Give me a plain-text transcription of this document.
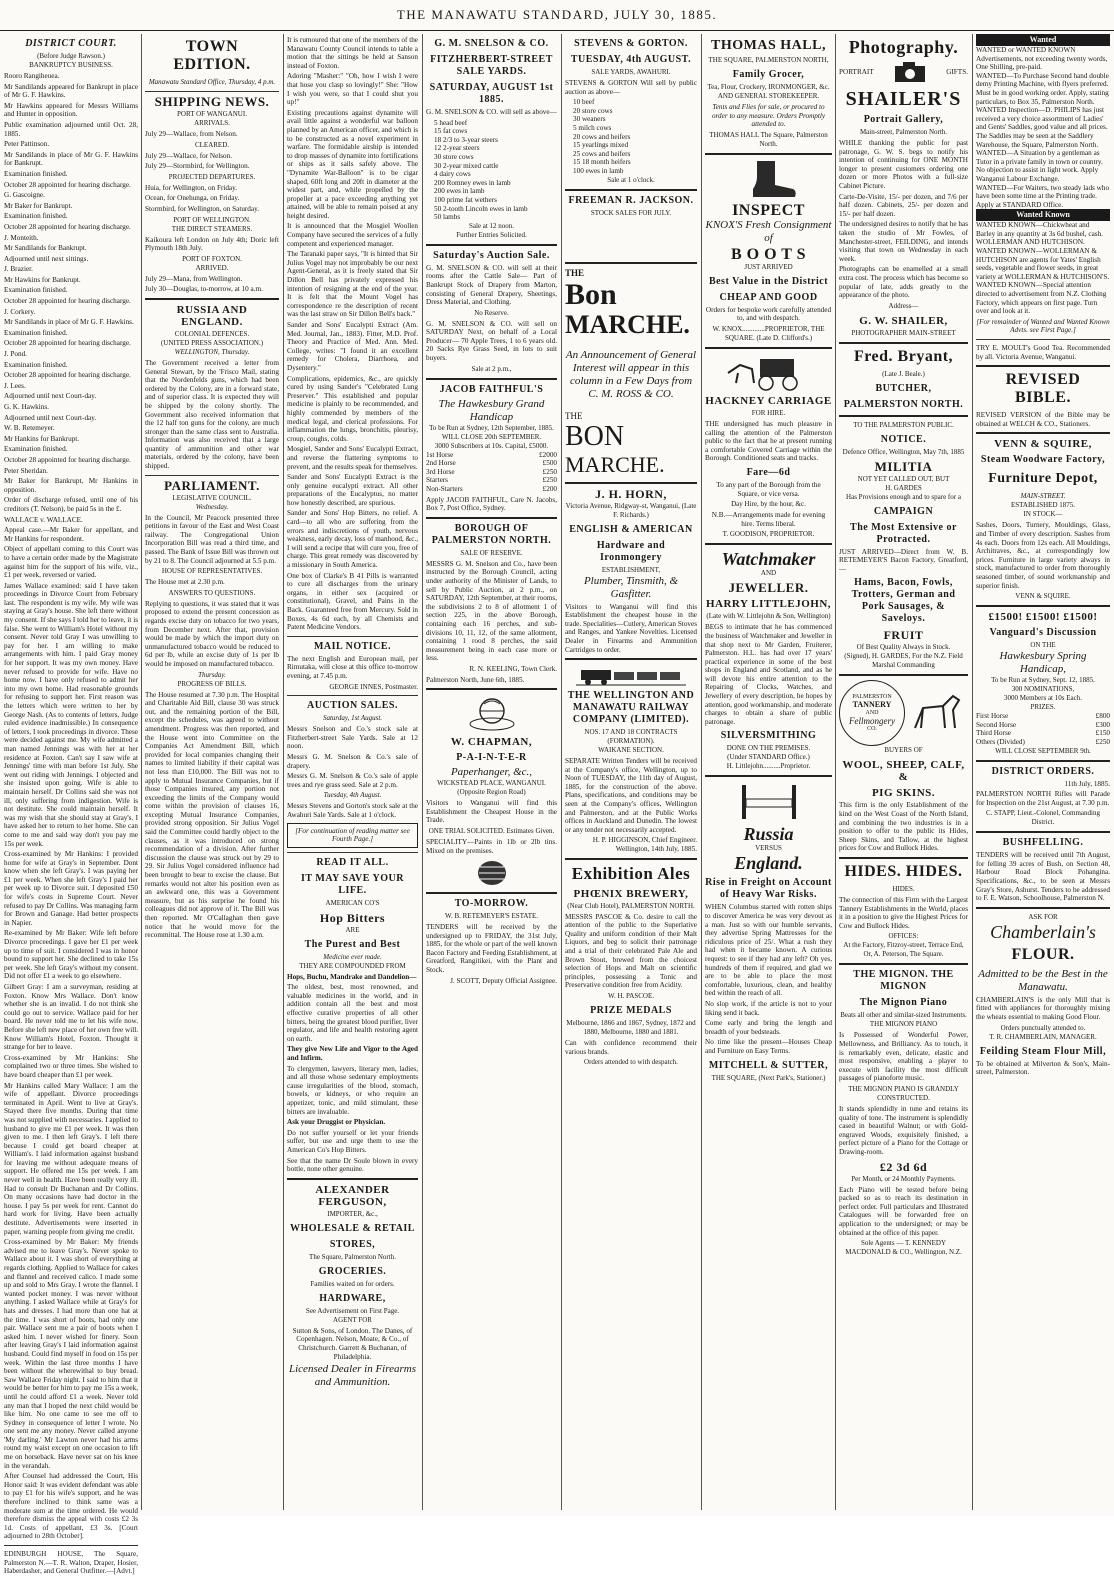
THE MANAWATU STANDARD, JULY 30, 1885.
DISTRICT COURT.
(Before Judge Rawson.)
BANKRUPTCY BUSINESS.
Rooro Rangiheuea.
Mr Sandilands appeared for Bankrupt in place of Mr G. F. Hawkins.
Mr Hawkins appeared for Messrs Williams and Hunter in opposition.
Public examination adjourned until Oct. 28, 1885.
Peter Pattinson.
Mr Sandilands in place of Mr G. F. Hawkins for Bankrupt.
Examination finished.
October 28 appointed for hearing discharge.
G. Gascoigne.
Mr Baker for Bankrupt.
Examination finished.
October 28 appointed for hearing discharge.
J. Monteith.
Mr Sandilands for Bankrupt.
Adjourned until next sittings.
J. Brazier.
Mr Hawkins for Bankrupt.
Examination finished.
October 28 appointed for hearing discharge.
J. Corkery.
Mr Sandilands in place of Mr G. F. Hawkins.
Examination finished.
October 28 appointed for hearing discharge.
J. Pond.
Examination finished.
October 28 appointed for hearing discharge.
J. Lees.
Adjourned until next Court-day.
G. K. Hawkins.
Adjourned until next Court-day.
W. B. Retemeyer.
Mr Hankins for Bankrupt.
Examination finished.
October 28 appointed for hearing discharge.
Peter Sheridan.
Mr Baker for Bankrupt, Mr Hankins in opposition.
Order of discharge refused, until one of his creditors (T. Nelson), be paid 5s in the £.
WALLACE v. WALLACE.
Appeal case.—Mr Baker for appellant, and Mr Hankins for respondent.
Object of appellant coming to this Court was to have a certain order made by the Magistrate against him for the support of his wife, viz., £1 per week, reversed or varied.
James Wallace examined: said I have taken proceedings in Divorce Court from February last. The respondent is my wife. My wife was staying at Gray's house. She left there without my consent. If she says I told her to leave, it is false. She went to William's Hotel without my consent. Never told Gray I was unwilling to pay for her. I am willing to make arrangements with him. I paid Gray money for her support. It was my own money. Have never refused to provide for wife. Have no home now. I have only refused to admit her into my own home. Had reasonable grounds for refusing to support her. First reason was the letters which were written to her by George Nash. (As to contents of letters, Judge ruled evidence inadmissible.) In consequence of letters, I took proceedings in divorce. These were decided against me. My wife admitted a man named Jennings was with her at her residence at Foxton. Can't say I saw wife at Jennings' time with man before 1st July. She went out riding with Jennings. I objected and she insisted upon going. Wife is able to maintain herself. Dr Collins said she was not ill, only suffering from indigestion. Wife is not destitute. She could maintain herself. It was my wish that she should stay at Gray's. I have asked her to return to her home. She can come to me and said way don't you pay me 15s per week.
Cross-examined by Mr Hankins: I provided home for wife at Gray's in September. Dont know when she left Gray's. I was paying her £1 per week. When she left Gray's I paid her per week up to Divorce suit. I deposited £50 for wife's costs in Supreme Court. Never refused to pay Dr Collins. Was managing farm for Brown and Ganage. Had better prospects in Napier.
Re-examined by Mr Baker: Wife left before Divorce proceedings. I gave her £1 per week up to time of suit. I considered I was in honor bound to support her. She declined to take 15s per week. She left Gray's without my consent. Did not offer £1 a week to go elsewhere.
Gilbert Gray: I am a surveyman, residing at Foxton. Know Mrs Wallace. Don't know whether she is an invalid. I do not think she could go out to service. Wallace paid for her board. He never told me to let his wife now. Before she left new place of her own free will. Know William's Hotel, Foxton. Thought it strange for her to leave.
Cross-examined by Mr Hankins: She complained two or three times. She wished to have board cheaper than £1 per week.
Mr Hankins called Mary Wallace: I am the wife of appellant. Divorce proceedings terminated in April. Went to live at Gray's. Stayed there five months. During that time was not supplied with necessaries. I applied to husband to give me £1 per week. It was then given to me. I then left Gray's. I left there because I could get board cheaper at William's. I laid information against husband for leaving me without adequate means of support. He offered me 15s per week. I am never well in health. Have been really very ill. Had to consult Dr Buchanan and Dr Collins. On many occasions have had doctor in the house. I pay 5s per week for rent. Cannot do hard work for living. Have been actually destitute. Advertisements were inserted in paper, warning people from giving me credit.
Cross-examined by Mr Baker: My friends advised me to leave Gray's. Never spoke to Wallace about it. I was short of everything at regards clothing. Applied to Wallace for cakes and flannel and received calico. I made some up and sold to Mrs Gray. I wrote the flannel. I wanted pocket money. I was never without anything. I asked Wallace while at Gray's for hats and dresses. I had more than one hat at the time. I was short of boots, had only one pair. Wallace sent me a pair of boots when I asked him. I never wished for finery. Soon after leaving Gray's I laid information against husband. Could find myself in food on 15s per week. Within the last three months I have been without the wherewithal to buy bread. Saw Wallace Friday night. I said to him that it would be better for him to pay me 15s a week, until he could afford £1 a week. Never told any man that I hoped the next child would be like him. No one came to see me off to Sydney in consequence of letter I wrote. No one sent me any money. Never called anyone 'My darling.' Mr Lawton never had his arms round my waist except on one occasion to lift me on horseback. Have never sat on his knee in the verandah.
After Counsel had addressed the Court, His Honor said: It was evident defendant was able to pay £1 for his wife's support, and he was therefore inclined to think same was a moderate sum at the time ordered. He would therefore dismiss the appeal with costs £2 3s 1d. Costs of appellant, £3 3s. [Court adjourned to 28th October].
EDINBURGH HOUSE, The Square, Palmerston N.—T. R. Walton, Draper, Hosier, Haberdasher, and General Outfitter.—[Advt.]
TOWN EDITION.
Manawatu Standard Office, Thursday, 4 p.m.
SHIPPING NEWS.
PORT OF WANGANUI.
ARRIVALS.
July 29—Wallace, from Nelson.
CLEARED.
July 29—Wallace, for Nelson.
July 29—Stormbird, for Wellington.
PROJECTED DEPARTURES.
Huia, for Wellington, on Friday.
Ocean, for Onehunga, on Friday.
Stormbird, for Wellington, on Saturday.
PORT OF WELLINGTON.
THE DIRECT STEAMERS.
Kaikoura left London on July 4th; Doric left Plymouth 18th July.
PORT OF FOXTON.
ARRIVED.
July 29—Mana, from Wellington.
July 30—Douglas, to-morrow, at 10 a.m.
RUSSIA AND ENGLAND.
COLONIAL DEFENCES.
(UNITED PRESS ASSOCIATION.)
WELLINGTON, Thursday.
The Government received a letter from General Stewart, by the 'Frisco Mail, stating that the Nordenfelds guns, which had been ordered by the Colony, are in a forward state, and of superior class. It is expected they will be shipped by the colony shortly. The Government also received information that the 12 half ton guns for the colony, are much stronger than the same class sent to Australia. Information was also received that a large quantity of ammunition and other war materials, ordered by the colony, have been shipped.
PARLIAMENT.
LEGISLATIVE COUNCIL.
Wednesday.
In the Council, Mr Peacock presented three petitions in favour of the East and West Coast railway. The Congregational Union Incorporation Bill was read a third time, and passed. The Bank of Issue Bill was thrown out by 21 to 8. The Council adjourned at 5.5 p.m.
HOUSE OF REPRESENTATIVES.
The House met at 2.30 p.m.
ANSWERS TO QUESTIONS.
Replying to questions, it was stated that it was proposed to extend the present concession as regards excise duty on tobacco for two years, from December next. After that, provision would be made by which the import duty on unmanufactured tobacco would be reduced to 6d per lb, while an excise duty of 1s per lb would be imposed on manufactured tobacco.
Thursday.
PROGRESS OF BILLS.
The House resumed at 7.30 p.m. The Hospital and Charitable Aid Bill, clause 30 was struck out, and the remaining portion of the Bill, except the schedules, was agreed to without amendment. Progress was then reported, and the House went into Committee on the Companies Act Amendment Bill, which provided for local companies changing their names to limited liability if their capital was not less than £10,000. The Bill was not to apply to Mutual Insurance Companies, but if those Companies insured, any portion not exceeding the limits of the Company would come within the provision of clauses 16, excepting Mutual Insurance Companies, provided strong opposition. Sir Julius Vogel said the Committee could hardly object to the clauses, as it was introduced on strong recommendation of a division. After further discussion the clause was struck out by 29 to 29. Sir Julius Vogel considered influence had been brought to bear to excise the clause. But remarks would not alter his position even as an awkward one, this was a Government measure, but as his surprise he found his colleagues did not approve of it. The Bill was then reported. Mr O'Callaghan then gave notice that he would move for the recommittal. The House rose at 1.30 a.m.
It is rumoured that one of the members of the Manawatu County Council intends to table a motion that the sittings be held at Sanson instead of Foxton.
Adoring "Masher:" "Oh, how I wish I were that hose you clasp so lovingly!" She: "How I wish you were, so that I could shut you up!"
Existing precautions against dynamite will avail little against a wonderful war balloon planned by an American officer, and which is to be constructed as a novel experiment in warfare. The formidable airship is intended to drop masses of dynamite into fortifications or ships as it sails safely above. The "Dynamite War-Balloon" is to be cigar shaped, 60ft long and 20ft in diameter at the widest part, and, while propelled by the propeller at a pace exceeding anything yet attained, will be able to remain poised at any height desired.
It is announced that the Mosgiel Woollen Company have secured the services of a fully competent and experienced manager.
The Taranaki paper says, "It is hinted that Sir Julius Vogel may not improbably be our next Agent-General, as it is freely stated that Sir Dillon Bell has privately expressed his intention of resigning at the end of the year. It is felt that the Mount Vogel has correspondence re the description of recent was the last straw on Sir Dillon Bell's back."
Sander and Sons' Eucalypti Extract (Am. Med. Journal, Jan., 1883). Fitter, M.D. Prof. Theory and Practice of Med. Ann. Med. College, writes: "I found it an excellent remedy for Cholera, Diarrhoea, and Dysentery."
Complications, epidemics, &c., are quickly cured by using Sander's "Celebrated Lung Preserver." This established and popular medicine is plainly to be recommended, and highly commended by members of the medical legal, and clerical professions. For inflammation the lungs, bronchitis, pleurisy, croup, coughs, colds.
Mosgiel, Sander and Sons' Eucalypti Extract, and reverse the flattering symptoms to prevent, and the results speak for themselves.
Sander and Sons' Eucalypti Extract is the only genuine eucalypti extract. All other preparations of the Eucalyptus, no matter how honestly described, are spurious.
Sander and Sons' Hop Bitters, no relief. A card—to all who are suffering from the errors and indiscretions of youth, nervous weakness, early decay, loss of manhood, &c., I will send a recipe that will cure you, free of charge. This great remedy was discovered by a missionary in South America.
One box of Clarke's B 41 Pills is warranted to cure all discharges from the urinary organs, in either sex (acquired or constitutional), Gravel, and Pains in the Back. Guaranteed free from Mercury. Sold in Boxes, 4s 6d each, by all Chemists and Patent Medicine Vendors.
MAIL NOTICE.
The next English and European mail, per Rimutaka, will close at this office to-morrow evening, at 7.45 p.m.
GEORGE INNES, Postmaster.
AUCTION SALES.
Saturday, 1st August.
Messrs Snelson and Co.'s stock sale at Fitzherbert-street Sale Yards. Sale at 12 noon.
Messrs G. M. Snelson & Co.'s sale of drapery.
Messrs G. M. Snelson & Co.'s sale of apple trees and rye grass seed. Sale at 2 p.m.
Tuesday, 4th August.
Messrs Stevens and Gorton's stock sale at the Awahuri Sale Yards. Sale at 1 o'clock.
[For continuation of reading matter see Fourth Page.]
READ IT ALL.
IT MAY SAVE YOUR LIFE.
AMERICAN CO'S
Hop Bitters
ARE
The Purest and Best
Medicine ever made.
THEY ARE COMPOUNDED FROM
Hops, Buchu, Mandrake and Dandelion—
The oldest, best, most renowned, and valuable medicines in the world, and in addition contain all the best and most effective curative properties of all other bitters, being the greatest blood purifier, liver regulator, and life and health restoring agent on earth.
They give New Life and Vigor to the Aged and Infirm.
To clergymen, lawyers, literary men, ladies, and all those whose sedentary employments cause irregularities of the blood, stomach, bowels, or kidneys, or who require an appetizer, tonic, and mild stimulant, these bitters are invaluable.
Ask your Druggist or Physician.
Do not suffer yourself or let your friends suffer, but use and urge them to use the American Co's Hop Bitters.
See that the name Dr Soule blown in every bottle, none other genuine.
ALEXANDER FERGUSON,
IMPORTER, &c.,
WHOLESALE & RETAIL
STORES,
The Square, Palmerston North.
GROCERIES.
Families waited on for orders.
HARDWARE,
See Advertisement on First Page.
AGENT FOR
Sutton & Sons, of London. The Danes, of Copenhagen. Nelson, Moate, & Co., of Christchurch. Garrett & Buchanan, of Philadelphia.
Licensed Dealer in Firearms and Ammunition.
G. M. SNELSON & CO.
FITZHERBERT-STREET SALE YARDS.
SATURDAY, AUGUST 1st 1885.
G. M. SNELSON & CO. will sell as above—
5 head beef
15 fat cows
18 2/3 to 3-year steers
12 2-year steers
30 store cows
30 2-year mixed cattle
4 dairy cows
200 Romney ewes in lamb
200 ewes in lamb
100 prime fat wethers
50 2-tooth Lincoln ewes in lamb
50 lambs
Sale at 12 noon.
Further Entries Solicited.
Saturday's Auction Sale.
G. M. SNELSON & CO. will sell at their rooms after the Cattle Sale— Part of Bankrupt Stock of Drapery from Marton, consisting of General Drapery, Sheetings, Dress Material, and Clothing.
No Reserve.
G. M. SNELSON & CO. will sell on SATURDAY Next, on behalf of a Local Producer— 70 Apple Trees, 1 to 6 years old. 20 Sacks Rye Grass Seed, in lots to suit buyers.
Sale at 2 p.m.,
JACOB FAITHFUL'S
The Hawkesbury Grand Handicap
To be Run at Sydney, 12th September, 1885.
WILL CLOSE 20th SEPTEMBER.
3000 Subscribers at 10s. Capital, £5000.
1st Horse	£2000
2nd Horse	£500
3rd Horse	£250
Starters	£250
Non-Starters	£200
Apply JACOB FAITHFUL, Care N. Jacobs, Box 7, Post Office, Sydney.
BOROUGH OF PALMERSTON NORTH.
SALE OF RESERVE.
MESSRS G. M. Snelson and Co., have been instructed by the Borough Council, acting under authority of the Minister of Lands, to sell by Public Auction, at 2 p.m., on SATURDAY, 12th September, at their rooms, the subdivisions 2 to 8 of allotment 1 of section 225, in the above Borough, containing each 16 perches, and sub-divisions 10, 11, 12, of the same allotment, containing 1 rood 8 perches, the said measurement being in each case more or less.
R. N. KEELING, Town Clerk.
Palmerston North, June 6th, 1885.
W. CHAPMAN,
P-A-I-N-T-E-R
Paperhanger, &c.,
WICKSTEAD PLACE, WANGANUI. (Opposite Region Road)
Visitors to Wanganui will find this Establishment the Cheapest House in the Trade.
ONE TRIAL SOLICITED. Estimates Given.
SPECIALITY—Paints in 1lb or 2lb tins. Mixed on the premises.
TO-MORROW.
W. B. RETEMEYER'S ESTATE.
TENDERS will be received by the undersigned up to FRIDAY, the 31st July, 1885, for the whole or part of the well known Bacon Factory and Feeding Establishment, at Greatford, Rangitikei, with the Plant and Stock.
J. SCOTT, Deputy Official Assignee.
STEVENS & GORTON.
TUESDAY, 4th AUGUST.
SALE YARDS, AWAHURI.
STEVENS & GORTON Will sell by public auction as above—
10 beef
20 store cows
30 weaners
5 milch cows
20 cows and heifers
15 yearlings mixed
25 cows and heifers
15 18 month heifers
100 ewes in lamb
Sale at 1 o'clock.
FREEMAN R. JACKSON.
STOCK SALES FOR JULY.
THE
Bon
MARCHE.
An Announcement of General Interest will appear in this column in a Few Days from C. M. ROSS & CO.
THE
BON
MARCHE.
J. H. HORN,
Victoria Avenue, Ridgway-st, Wanganui, (Late F. Richards.)
ENGLISH & AMERICAN
Hardware and Ironmongery
ESTABLISHMENT,
Plumber, Tinsmith, & Gasfitter.
Visitors to Wanganui will find this Establishment the cheapest house in the trade. Specialities—Cutlery, American Stoves and Ranges, and Yankee Novelties. Licensed Dealer in Firearms and Ammunition Cartridges to order.
THE WELLINGTON AND MANAWATU RAILWAY COMPANY (LIMITED).
NOS. 17 AND 18 CONTRACTS (FORMATION).
WAIKANE SECTION.
SEPARATE Written Tenders will be received at the Company's office, Wellington, up to Noon of TUESDAY, the 11th day of August, 1885, for the construction of the above. Plans, specifications, and conditions may be seen at the Company's offices, Wellington and Palmerston, and at the Public Works offices in Auckland and Dunedin. The lowest or any tender not necessarily accepted.
H. P. HIGGINSON, Chief Engineer. Wellington, 14th July, 1885.
Exhibition Ales
PHŒNIX BREWERY,
(Near Club Hotel), PALMERSTON NORTH.
MESSRS PASCOE & Co. desire to call the attention of the public to the Superlative Quality and uniform condition of their Malt Liquors, and beg to solicit their patronage and a trial of their celebrated Pale Ale and Brown Stout, brewed from the choicest selection of Hops and Malt on scientific principles, possessing a Tonic and Preservative condition free from Acidity.
W. H. PASCOE.
PRIZE MEDALS
Melbourne, 1866 and 1867, Sydney, 1872 and 1880, Melbourne, 1880 and 1881.
Can with confidence recommend their various brands.
Orders attended to with despatch.
THOMAS HALL,
THE SQUARE, PALMERSTON NORTH,
Family Grocer,
Tea, Flour, Crockery, IRONMONGER, &c. AND GENERAL STOREKEEPER.
Tents and Flies for sale, or procured to order to any measure. Orders Promptly attended to.
THOMAS HALL The Square, Palmerston North.
INSPECT
KNOX'S Fresh Consignment of
B O O T S
JUST ARRIVED
Best Value in the District
CHEAP AND GOOD
Orders for bespoke work carefully attended to, and with despatch.
W. KNOX.............PROPRIETOR, THE SQUARE. (Late D. Clifford's.)
HACKNEY CARRIAGE
FOR HIRE.
THE undersigned has much pleasure in calling the attention of the Palmerston public to the fact that he at present running a comfortable Covered Carriage within the Borough. Conditioned seats and tracks.
Fare—6d
To any part of the Borough from the Square, or vice versa.
Day Hire, by the hour, &c.
N.B.—Arrangements made for evening hire. Terms liberal.
T. GOODISON, PROPRIETOR.
Watchmaker
AND
JEWELLER.
HARRY LITTLEJOHN,
(Late with W. Littlejohn & Son, Wellington)
BEGS to intimate that he has commenced the business of Watchmaker and Jeweller in that shop next to Mr Garden, Fruiterer, Palmerston. H.L. has had over 17 years' practical experience in some of the best shops in England and Scotland, and as he will devote his entire attention to the Repairing of Clocks, Watches, and Jewellery of every description, he hopes by attention, good workmanship, and moderate charges to obtain a share of public patronage.
SILVERSMITHING
DONE ON THE PREMISES.
(Under STANDARD Office.)
H. Littlejohn..........Proprietor.
Russia
VERSUS
England.
Rise in Freight on Account of Heavy War Risks.
WHEN Columbus started with rotten ships to discover America he was very devout as a man. Just so with our humble servants, they advertise Spring Mattresses for the ridiculous price of 25/. What a rush they had when it became known. A curious request: to see if they had any left? Oh yes, hundreds of them if required, and glad we are to be able to place the most comfortable, luxurious, clean, and healthy bed within the reach of all.
No slop work, if the article is not to your liking send it back.
Come early and bring the length and breadth of your bedsteads.
No time like the present—Houses Cheap and Furniture on Easy Terms.
MITCHELL & SUTTER,
THE SQUARE, (Next Park's, Stationer.)
Photography.
PORTRAIT	GIFTS.
SHAILER'S
Portrait Gallery,
Main-street, Palmerston North.
WHILE thanking the public for past patronage, G. W. S. begs to notify his intention of continuing for ONE MONTH longer to present customers ordering one dozen or more Photos with a full-size Cabinet Picture.
Carte-De-Visite, 15/- per dozen, and 7/6 per half dozen. Cabinets, 25/- per dozen and 15/- per half dozen.
The undersigned desires to notify that he has taken the studio of Mr Fowles, of Manchester-street, FEILDING, and intends visiting that town on Wednesday in each week.
Photographs can be enamelled at a small extra cost. The process which has become so popular of late, adds greatly to the appearance of the photo.
Address—
G. W. SHAILER,
PHOTOGRAPHER MAIN-STREET
Fred. Bryant,
(Late J. Beale.)
BUTCHER,
PALMERSTON NORTH.
TO THE PALMERSTON PUBLIC.
NOTICE.
Defence Office, Wellington, May 7th, 1885
MILITIA
NOT YET CALLED OUT, BUT
H. GARDES
Has Provisions enough and to spare for a
CAMPAIGN
The Most Extensive or Protracted.
JUST ARRIVED—Direct from W. B. RETEMEYER'S Bacon Factory, Greatford,—
Hams, Bacon, Fowls, Trotters, German and Pork Sausages, & Saveloys.
FRUIT
Of Best Quality Always in Stock.
(Signed), H. GARDES, For the N.Z. Field Marshal Commanding
PALMERSTON
TANNERY
AND
Fellmongery
CO.
BUYERS OF
WOOL, SHEEP, CALF, &
PIG SKINS.
This firm is the only Establishment of the kind on the West Coast of the North Island, and combining the two industries is in a position to offer to the public its Hides, Sheep Skins, and Tallow, at the highest prices for Cow and Bullock Hides.
HIDES. HIDES.
HIDES.
The connection of this Firm with the Largest Tannery Establishments in the World, places it in a position to give the Highest Prices for Cow and Bullock Hides.
OFFICES:
At the Factory, Fitzroy-street, Terrace End,
Or, A. Peterson, The Square.
THE MIGNON. THE MIGNON
The Mignon Piano
Beats all other and similar-sized Instruments.
THE MIGNON PIANO
Is Possessed of Wonderful Power, Mellowness, and Brilliancy. As to touch, it is remarkably even, delicate, elastic and most responsive, enabling a player to execute with facility the most difficult passages of pianoforte music.
THE MIGNON PIANO IS GRANDLY CONSTRUCTED.
It stands splendidly in tune and retains its quality of tone. The instrument is splendidly cased in beautiful Walnut; or with Gold-engraved Woods, exquisitely finished, a perfect picture of a Piano for the Cottage or Drawing-room.
£2 3d 6d
Per Month, or 24 Monthly Payments.
Each Piano will be tested before being packed so as to reach its destination in perfect order. Full particulars and Illustrated Catalogues will be forwarded free on application to the undersigned; or may be obtained at the office of this paper.
Sole Agents — T. KENNEDY MACDONALD & CO., Wellington, N.Z.
Wanted
WANTED or WANTED KNOWN Advertisements, not exceeding twenty words, One Shilling, pre-paid.
WANTED—To Purchase Second hand double demy Printing Machine, with flyers preferred. Must be in good working order. Apply, stating particulars, to Box 35, Palmerston North.
WANTED Inspection—D. PHILIPS has just received a very choice assortment of Ladies' and Gents' Saddles, good value and all prices. The Saddles may be seen at the Saddlery Warehouse, the Square, Palmerston North.
WANTED—A Situation by a gentleman as Tutor in a private family in town or country. No objection to assist in light work. Apply Wanganui Labour Exchange.
WANTED—For Waiters, two steady lads who have been some time at the Printing trade. Apply at STANDARD Office.
Wanted Known
WANTED KNOWN—Chickwheat and Barley in any quantity at 3s 6d bushel, cash. WOLLERMAN AND HUTCHISON.
WANTED KNOWN—WOLLERMAN & HUTCHISON are agents for Yates' English seeds, vegetable and flower seeds, in great variety at WOLLERMAN & HUTCHISON'S.
WANTED KNOWN—Special attention directed to advertisement from N.Z. Clothing Factory, which appears on first page. Turn over and look at it.
[For remainder of Wanted and Wanted Known Advts. see First Page.]
TRY E. MOULT's Good Tea. Recommended by all. Victoria Avenue, Wanganui.
REVISED BIBLE.
REVISED VERSION of the Bible may be obtained at WELCH & CO., Stationers.
VENN & SQUIRE,
Steam Woodware Factory,
Furniture Depot,
MAIN-STREET.
ESTABLISHED 1875.
IN STOCK—
Sashes, Doors, Turnery, Mouldings, Glass, and Timber of every description. Sashes from 4s each. Doors from 12s each. All Mouldings, Architraves, &c., at correspondingly low prices. Furniture in large variety always in stock, manufactured to order from thoroughly seasoned timber, of sound workmanship and superior finish.
VENN & SQUIRE.
£1500! £1500! £1500!
Vanguard's Discussion
ON THE
Hawkesbury Spring Handicap,
To be Run at Sydney, Sept. 12, 1885.
300 NOMINATIONS,
3000 Members at 10s Each.
PRIZES.
First Horse	£800
Second Horse	£300
Third Horse	£150
Others (Divided)	£250
WILL CLOSE SEPTEMBER 9th.
DISTRICT ORDERS.
11th July, 1885.
PALMERSTON NORTH Rifles will Parade for Inspection on the 21st August, at 7.30 p.m.
C. STAPP, Lieut.-Colonel, Commanding District.
BUSHFELLING.
TENDERS will be received until 7th August, for felling 39 acres of Bush, on Section 48, Harbour Road Block Pohangina. Specifications, &c., to be seen at Messrs Gray's Store, Ashurst. Tenders to be addressed to F. E. Watson, Schoolhouse, Palmerston N.
ASK FOR
Chamberlain's
FLOUR.
Admitted to be the Best in the Manawatu.
CHAMBERLAIN'S is the only Mill that is fitted with appliances for thoroughly mixing the wheats essential to making Good Flour.
Orders punctually attended to.
T. R. CHAMBERLAIN, MANAGER.
Feilding Steam Flour Mill,
To be obtained at Milverton & Son's, Main-street, Palmerston.
